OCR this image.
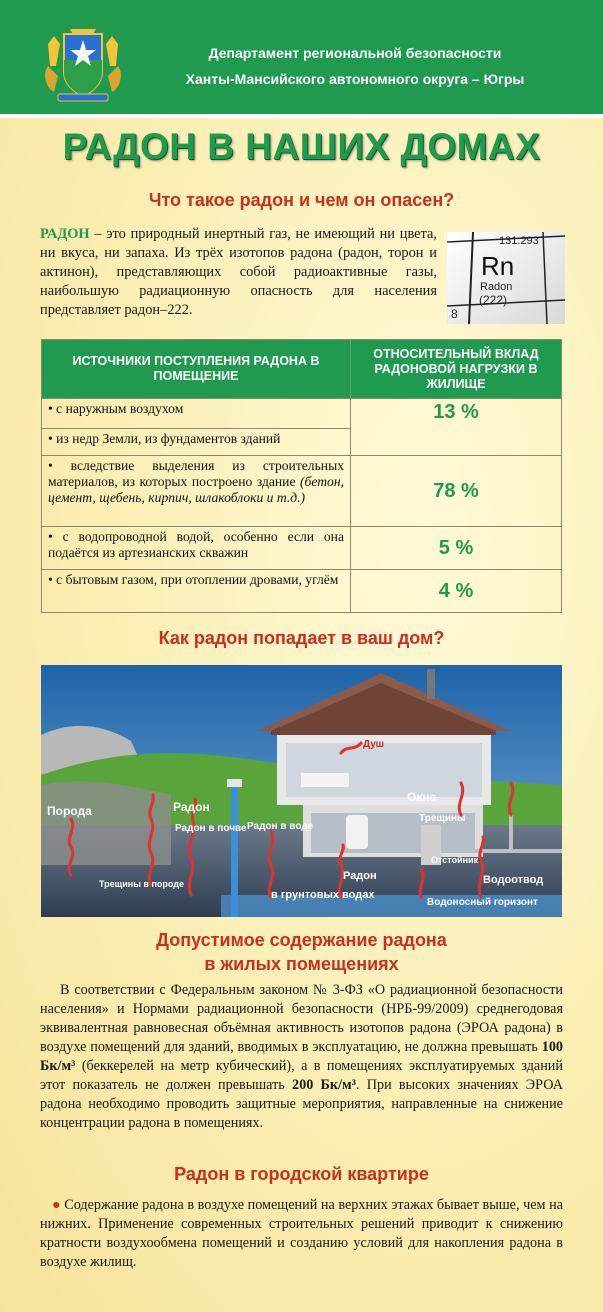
Департамент региональной безопасности
Ханты-Мансийского автономного округа – Югры
РАДОН В НАШИХ ДОМАХ
Что такое радон и чем он опасен?
РАДОН – это природный инертный газ, не имеющий ни цвета, ни вкуса, ни запаха. Из трёх изотопов радона (радон, торон и актинон), представляющих собой радиоактивные газы, наибольшую радиационную опасность для населения представляет радон–222.
131.293
Rn
Radon
(222)
8
ИСТОЧНИКИ ПОСТУПЛЕНИЯ РАДОНА В ПОМЕЩЕНИЕ	ОТНОСИТЕЛЬНЫЙ ВКЛАД РАДОНОВОЙ НАГРУЗКИ В ЖИЛИЩЕ
• с наружным воздухом	13 %
• из недр Земли, из фундаментов зданий	
• вследствие выделения из строительных материалов, из которых построено здание (бетон, цемент, щебень, кирпич, шлакоблоки и т.д.)	78 %
• с водопроводной водой, особенно если она подаётся из артезианских скважин	5 %
• с бытовым газом, при отоплении дровами, углём	4 %
Как радон попадает в ваш дом?
Порода	Радон
Радон в почве Радон в воде
Душ
Окна
Трещины
Отстойник
Радон	Водоотвод
в грунтовых водах
Водоносный горизонт
Трещины в породе
Допустимое содержание радона
в жилых помещениях
В соответствии с Федеральным законом № 3-ФЗ «О радиационной безопасности населения» и Нормами радиационной безопасности (НРБ-99/2009) среднегодовая эквивалентная равновесная объёмная активность изотопов радона (ЭРОА радона) в воздухе помещений для зданий, вводимых в эксплуатацию, не должна превышать 100 Бк/м³ (беккерелей на метр кубический), а в помещениях эксплуатируемых зданий этот показатель не должен превышать 200 Бк/м³. При высоких значениях ЭРОА радона необходимо проводить защитные мероприятия, направленные на снижение концентрации радона в помещениях.
Радон в городской квартире
● Содержание радона в воздухе помещений на верхних этажах бывает выше, чем на нижних. Применение современных строительных решений приводит к снижению кратности воздухообмена помещений и созданию условий для накопления радона в воздухе жилищ.
